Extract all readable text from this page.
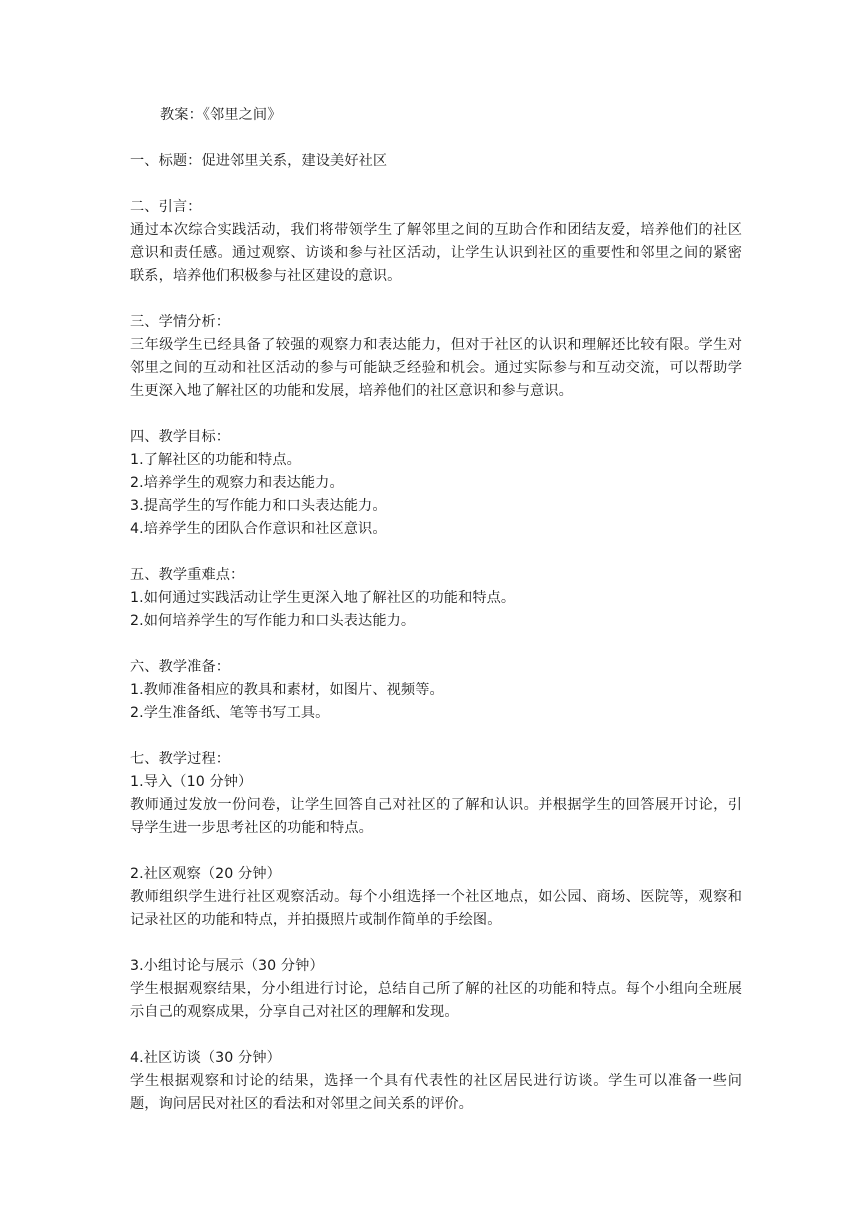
教案：《邻里之间》
一、标题：促进邻里关系，建设美好社区
二、引言：
通过本次综合实践活动，我们将带领学生了解邻里之间的互助合作和团结友爱，培养他们的社区意识和责任感。通过观察、访谈和参与社区活动，让学生认识到社区的重要性和邻里之间的紧密联系，培养他们积极参与社区建设的意识。
三、学情分析：
三年级学生已经具备了较强的观察力和表达能力，但对于社区的认识和理解还比较有限。学生对邻里之间的互动和社区活动的参与可能缺乏经验和机会。通过实际参与和互动交流，可以帮助学生更深入地了解社区的功能和发展，培养他们的社区意识和参与意识。
四、教学目标：
1.了解社区的功能和特点。
2.培养学生的观察力和表达能力。
3.提高学生的写作能力和口头表达能力。
4.培养学生的团队合作意识和社区意识。
五、教学重难点：
1.如何通过实践活动让学生更深入地了解社区的功能和特点。
2.如何培养学生的写作能力和口头表达能力。
六、教学准备：
1.教师准备相应的教具和素材，如图片、视频等。
2.学生准备纸、笔等书写工具。
七、教学过程：
1.导入（10 分钟）
教师通过发放一份问卷，让学生回答自己对社区的了解和认识。并根据学生的回答展开讨论，引导学生进一步思考社区的功能和特点。
2.社区观察（20 分钟）
教师组织学生进行社区观察活动。每个小组选择一个社区地点，如公园、商场、医院等，观察和记录社区的功能和特点，并拍摄照片或制作简单的手绘图。
3.小组讨论与展示（30 分钟）
学生根据观察结果，分小组进行讨论，总结自己所了解的社区的功能和特点。每个小组向全班展示自己的观察成果，分享自己对社区的理解和发现。
4.社区访谈（30 分钟）
学生根据观察和讨论的结果，选择一个具有代表性的社区居民进行访谈。学生可以准备一些问题，询问居民对社区的看法和对邻里之间关系的评价。
